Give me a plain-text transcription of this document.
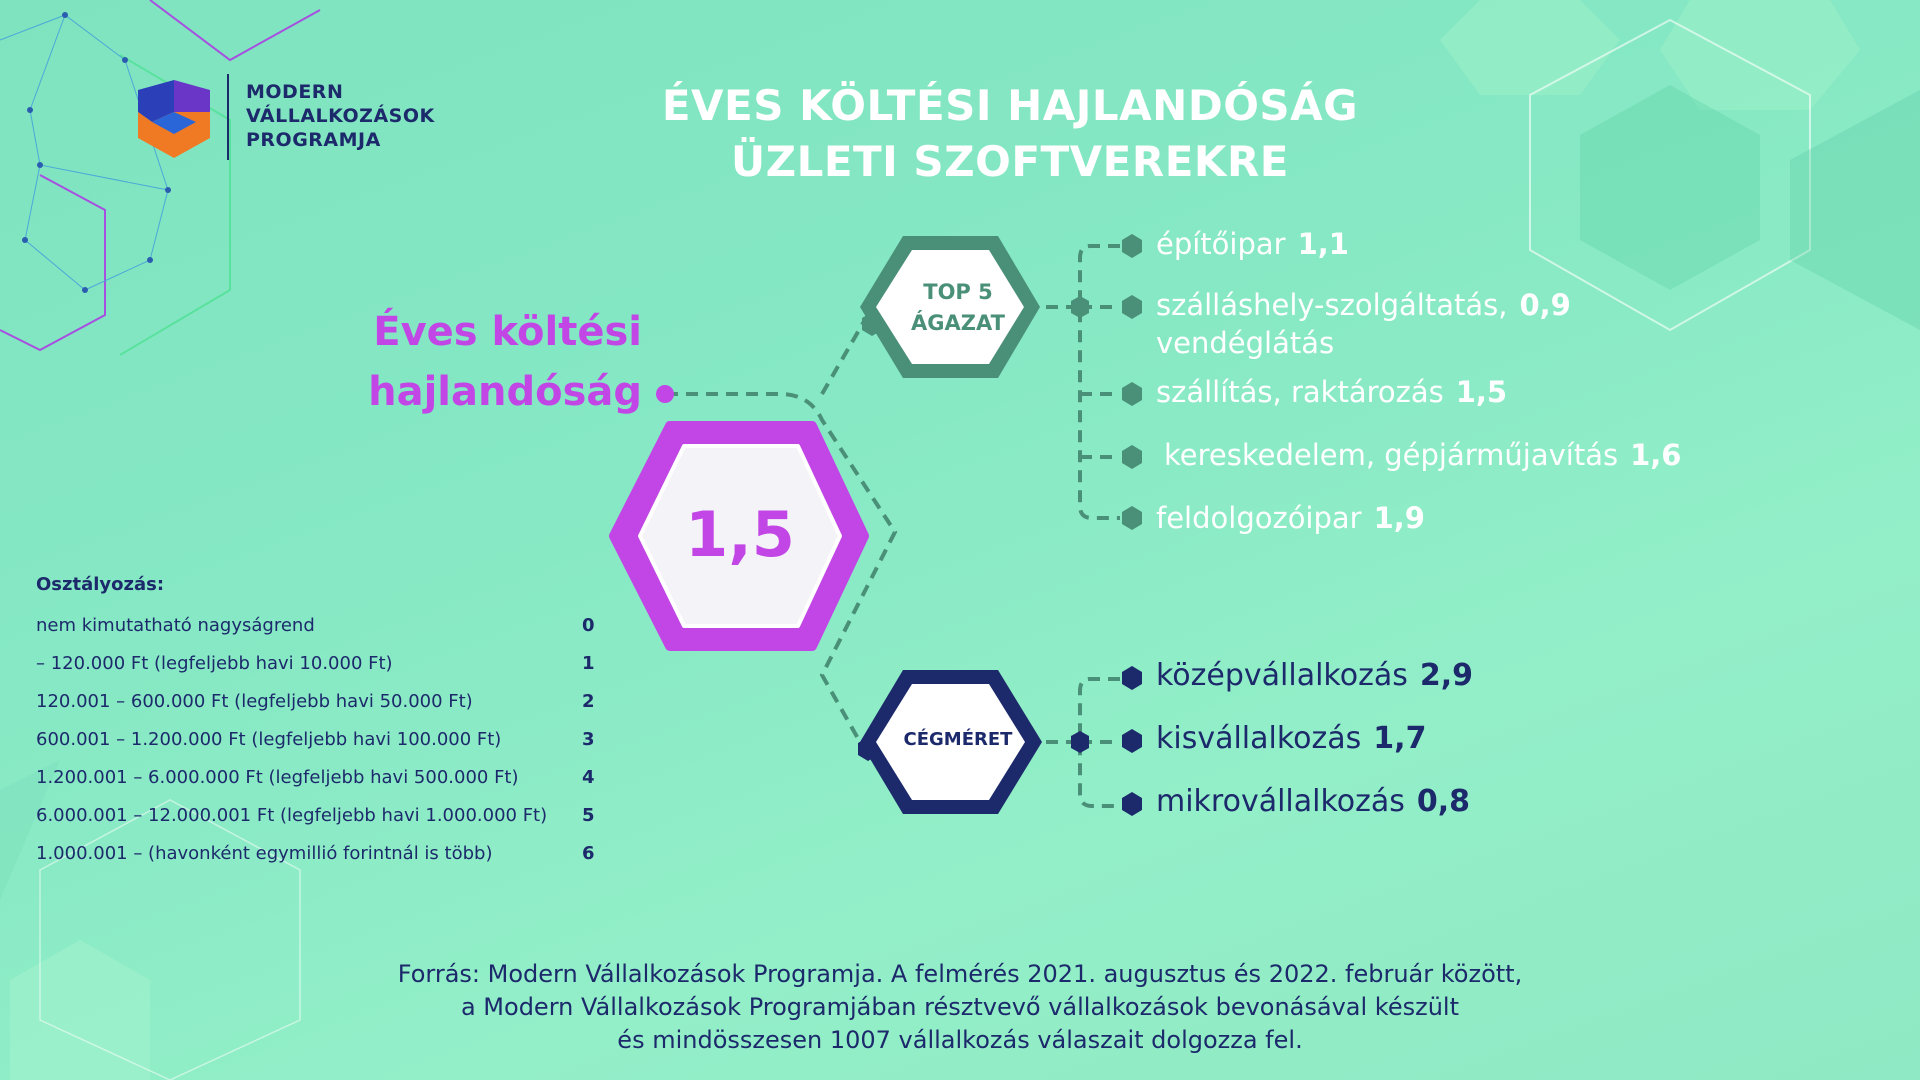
MODERN
VÁLLALKOZÁSOK
PROGRAMJA
ÉVES KÖLTÉSI HAJLANDÓSÁG
ÜZLETI SZOFTVEREKRE
Éves költési
hajlandóság
1,5
TOP 5
ÁGAZAT
CÉGMÉRET
építőipar 1,1
szálláshely-szolgáltatás, 0,9
vendéglátás
szállítás, raktározás 1,5
kereskedelem, gépjárműjavítás 1,6
feldolgozóipar 1,9
középvállalkozás 2,9
kisvállalkozás 1,7
mikrovállalkozás 0,8
Osztályozás:
nem kimutatható nagyságrend	0
– 120.000 Ft (legfeljebb havi 10.000 Ft)	1
120.001 – 600.000 Ft (legfeljebb havi 50.000 Ft)	2
600.001 – 1.200.000 Ft (legfeljebb havi 100.000 Ft)	3
1.200.001 – 6.000.000 Ft (legfeljebb havi 500.000 Ft)	4
6.000.001 – 12.000.001 Ft (legfeljebb havi 1.000.000 Ft) 5
1.000.001 – (havonként egymillió forintnál is több)	6
Forrás: Modern Vállalkozások Programja. A felmérés 2021. augusztus és 2022. február között,
a Modern Vállalkozások Programjában résztvevő vállalkozások bevonásával készült
és mindösszesen 1007 vállalkozás válaszait dolgozza fel.
